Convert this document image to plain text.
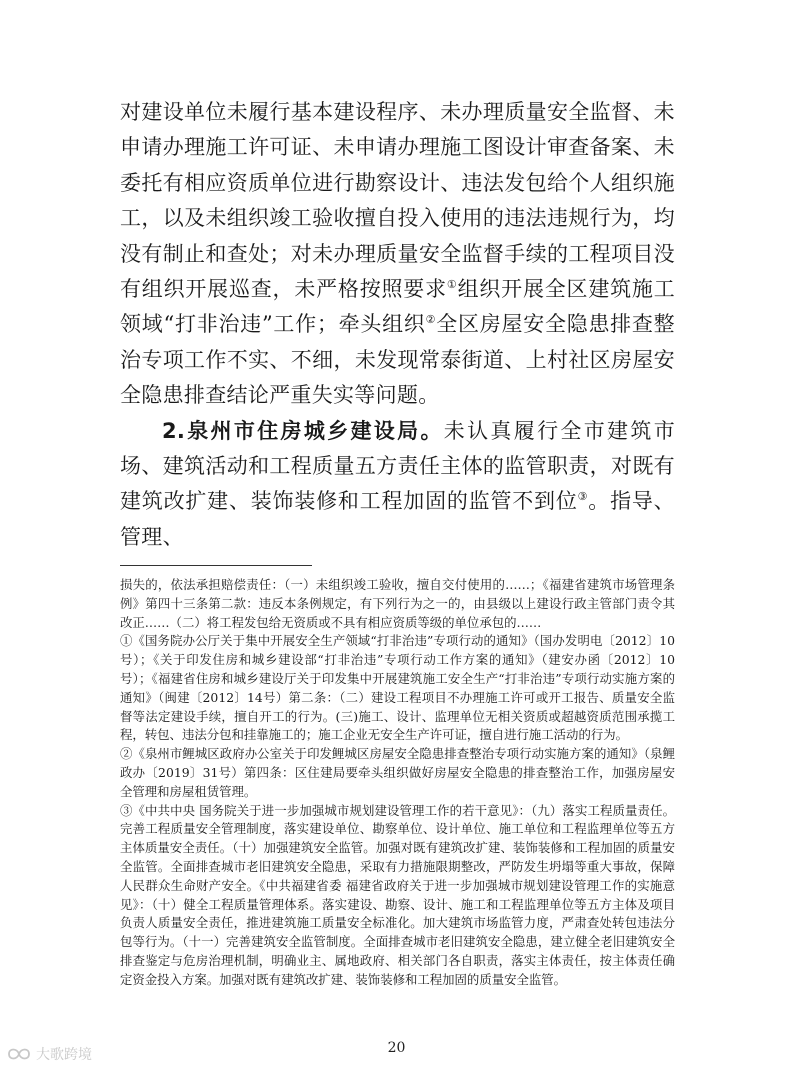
对建设单位未履行基本建设程序、未办理质量安全监督、未申请办理施工许可证、未申请办理施工图设计审查备案、未委托有相应资质单位进行勘察设计、违法发包给个人组织施工，以及未组织竣工验收擅自投入使用的违法违规行为，均没有制止和查处；对未办理质量安全监督手续的工程项目没有组织开展巡查，未严格按照要求①组织开展全区建筑施工领域“打非治违”工作；牵头组织②全区房屋安全隐患排查整治专项工作不实、不细，未发现常泰街道、上村社区房屋安全隐患排查结论严重失实等问题。

2.泉州市住房城乡建设局。未认真履行全市建筑市场、建筑活动和工程质量五方责任主体的监管职责，对既有建筑改扩建、装饰装修和工程加固的监管不到位③。指导、管理、

损失的，依法承担赔偿责任：（一）未组织竣工验收，擅自交付使用的……；《福建省建筑市场管理条例》第四十三条第二款：违反本条例规定，有下列行为之一的，由县级以上建设行政主管部门责令其改正……（二）将工程发包给无资质或不具有相应资质等级的单位承包的……

①《国务院办公厅关于集中开展安全生产领域“打非治违”专项行动的通知》（国办发明电〔2012〕10号）；《关于印发住房和城乡建设部“打非治违”专项行动工作方案的通知》（建安办函〔2012〕10号）；《福建省住房和城乡建设厅关于印发集中开展建筑施工安全生产“打非治违”专项行动实施方案的通知》（闽建〔2012〕14号）第二条：（二）建设工程项目不办理施工许可或开工报告、质量安全监督等法定建设手续，擅自开工的行为。(三)施工、设计、监理单位无相关资质或超越资质范围承揽工程，转包、违法分包和挂靠施工的；施工企业无安全生产许可证，擅自进行施工活动的行为。

②《泉州市鲤城区政府办公室关于印发鲤城区房屋安全隐患排查整治专项行动实施方案的通知》（泉鲤政办〔2019〕31号）第四条：区住建局要牵头组织做好房屋安全隐患的排查整治工作，加强房屋安全管理和房屋租赁管理。

③《中共中央 国务院关于进一步加强城市规划建设管理工作的若干意见》：（九）落实工程质量责任。完善工程质量安全管理制度，落实建设单位、勘察单位、设计单位、施工单位和工程监理单位等五方主体质量安全责任。（十）加强建筑安全监管。加强对既有建筑改扩建、装饰装修和工程加固的质量安全监管。全面排查城市老旧建筑安全隐患，采取有力措施限期整改，严防发生坍塌等重大事故，保障人民群众生命财产安全。《中共福建省委 福建省政府关于进一步加强城市规划建设管理工作的实施意见》：（十）健全工程质量管理体系。落实建设、勘察、设计、施工和工程监理单位等五方主体及项目负责人质量安全责任，推进建筑施工质量安全标准化。加大建筑市场监管力度，严肃查处转包违法分包等行为。（十一）完善建筑安全监管制度。全面排查城市老旧建筑安全隐患，建立健全老旧建筑安全排查鉴定与危房治理机制，明确业主、属地政府、相关部门各自职责，落实主体责任，按主体责任确定资金投入方案。加强对既有建筑改扩建、装饰装修和工程加固的质量安全监管。

20
大歌跨境
